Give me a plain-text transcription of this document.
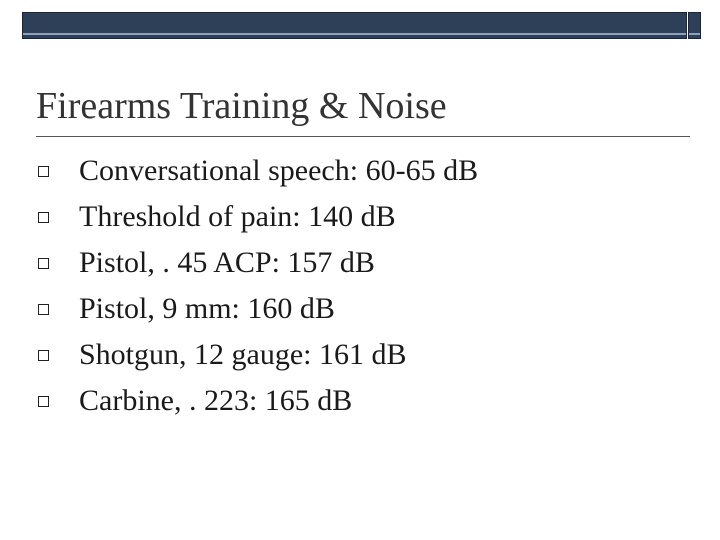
Firearms Training & Noise
Conversational speech: 60-65 dB
Threshold of pain: 140 dB
Pistol, . 45 ACP: 157 dB
Pistol, 9 mm: 160 dB
Shotgun, 12 gauge: 161 dB
Carbine, . 223: 165 dB
